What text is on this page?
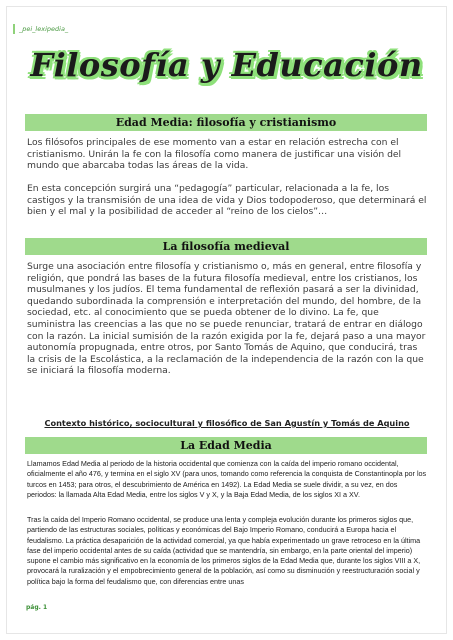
_pei_lexipedia_
Filosofía y Educación
Edad Media: filosofía y cristianismo

Los filósofos principales de ese momento van a estar en relación estrecha con el cristianismo. Unirán la fe con la filosofía como manera de justificar una visión del mundo que abarcaba todas las áreas de la vida.

En esta concepción surgirá una “pedagogía” particular, relacionada a la fe, los castigos y la transmisión de una idea de vida y Dios todopoderoso, que determinará el bien y el mal y la posibilidad de acceder al “reino de los cielos”…

La filosofía medieval

Surge una asociación entre filosofía y cristianismo o, más en general, entre filosofía y religión, que pondrá las bases de la futura filosofía medieval, entre los cristianos, los musulmanes y los judíos. El tema fundamental de reflexión pasará a ser la divinidad, quedando subordinada la comprensión e interpretación del mundo, del hombre, de la sociedad, etc. al conocimiento que se pueda obtener de lo divino. La fe, que suministra las creencias a las que no se puede renunciar, tratará de entrar en diálogo con la razón. La inicial sumisión de la razón exigida por la fe, dejará paso a una mayor autonomía propugnada, entre otros, por Santo Tomás de Aquino, que conducirá, tras la crisis de la Escolástica, a la reclamación de la independencia de la razón con la que se iniciará la filosofía moderna.

Contexto histórico, sociocultural y filosófico de San Agustín y Tomás de Aquino
La Edad Media

Llamamos Edad Media al periodo de la historia occidental que comienza con la caída del imperio romano occidental, oficialmente el año 476, y termina en el siglo XV (para unos, tomando como referencia la conquista de Constantinopla por los turcos en 1453; para otros, el descubrimiento de América en 1492). La Edad Media se suele dividir, a su vez, en dos periodos: la llamada Alta Edad Media, entre los siglos V y X, y la Baja Edad Media, de los siglos XI a XV.

Tras la caída del Imperio Romano occidental, se produce una lenta y compleja evolución durante los primeros siglos que, partiendo de las estructuras sociales, políticas y económicas del Bajo Imperio Romano, conducirá a Europa hacia el feudalismo. La práctica desaparición de la actividad comercial, ya que había experimentado un grave retroceso en la última fase del imperio occidental antes de su caída (actividad que se mantendría, sin embargo, en la parte oriental del imperio) supone el cambio más significativo en la economía de los primeros siglos de la Edad Media que, durante los siglos VIII a X, provocará la ruralización y el empobrecimiento general de la población, así como su disminución y reestructuración social y política bajo la forma del feudalismo que, con diferencias entre unas

pág. 1
